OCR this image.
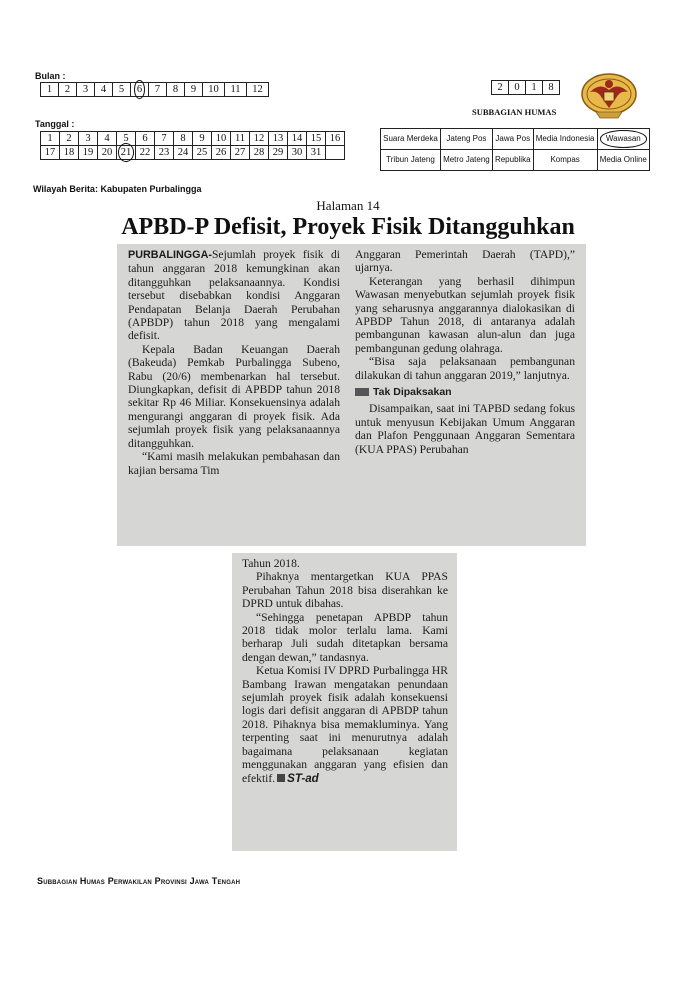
Bulan :
1	2	3	4	5	6	7	8	9	10	11	12
Tanggal :
1	2	3	4	5	6	7	8	9	10	11	12	13	14	15	16
17	18	19	20	21	22	23	24	25	26	27	28	29	30	31	
2	0	1	8
SUBBAGIAN HUMAS
Suara Merdeka	Jateng Pos	Jawa Pos	Media Indonesia	Wawasan
Tribun Jateng	Metro Jateng	Republika	Kompas	Media Online
Wilayah Berita: Kabupaten Purbalingga
Halaman 14
APBD-P Defisit, Proyek Fisik Ditangguhkan

PURBALINGGA-Sejumlah proyek fisik di tahun anggaran 2018 kemungkinan akan ditangguhkan pelaksanaannya. Kondisi tersebut disebabkan kondisi Anggaran Pendapatan Belanja Daerah Perubahan (APBDP) tahun 2018 yang mengalami defisit.

Kepala Badan Keuangan Daerah (Bakeuda) Pemkab Purbalingga Subeno, Rabu (20/6) membenarkan hal tersebut. Diungkapkan, defisit di APBDP tahun 2018 sekitar Rp 46 Miliar. Konsekuensinya adalah mengurangi anggaran di proyek fisik. Ada sejumlah proyek fisik yang pelaksanaannya ditangguhkan.

“Kami masih melakukan pembahasan dan kajian bersama Tim

Anggaran Pemerintah Daerah (TAPD),” ujarnya.

Keterangan yang berhasil dihimpun Wawasan menyebutkan sejumlah proyek fisik yang seharusnya anggarannya dialokasikan di APBDP Tahun 2018, di antaranya adalah pembangunan kawasan alun-alun dan juga pembangunan gedung olahraga.

“Bisa saja pelaksanaan pembangunan dilakukan di tahun anggaran 2019,” lanjutnya.

Tak Dipaksakan

Disampaikan, saat ini TAPBD sedang fokus untuk menyusun Kebijakan Umum Anggaran dan Plafon Penggunaan Anggaran Sementara (KUA PPAS) Perubahan

Tahun 2018.

Pihaknya mentargetkan KUA PPAS Perubahan Tahun 2018 bisa diserahkan ke DPRD untuk dibahas.

“Sehingga penetapan APBDP tahun 2018 tidak molor terlalu lama. Kami berharap Juli sudah ditetapkan bersama dengan dewan,” tandasnya.

Ketua Komisi IV DPRD Purbalingga HR Bambang Irawan mengatakan penundaan sejumlah proyek fisik adalah konsekuensi logis dari defisit anggaran di APBDP tahun 2018. Pihaknya bisa memakluminya. Yang terpenting saat ini menurutnya adalah bagaimana pelaksanaan kegiatan menggunakan anggaran yang efisien dan efektif. ST-ad

Subbagian Humas Perwakilan Provinsi Jawa Tengah
